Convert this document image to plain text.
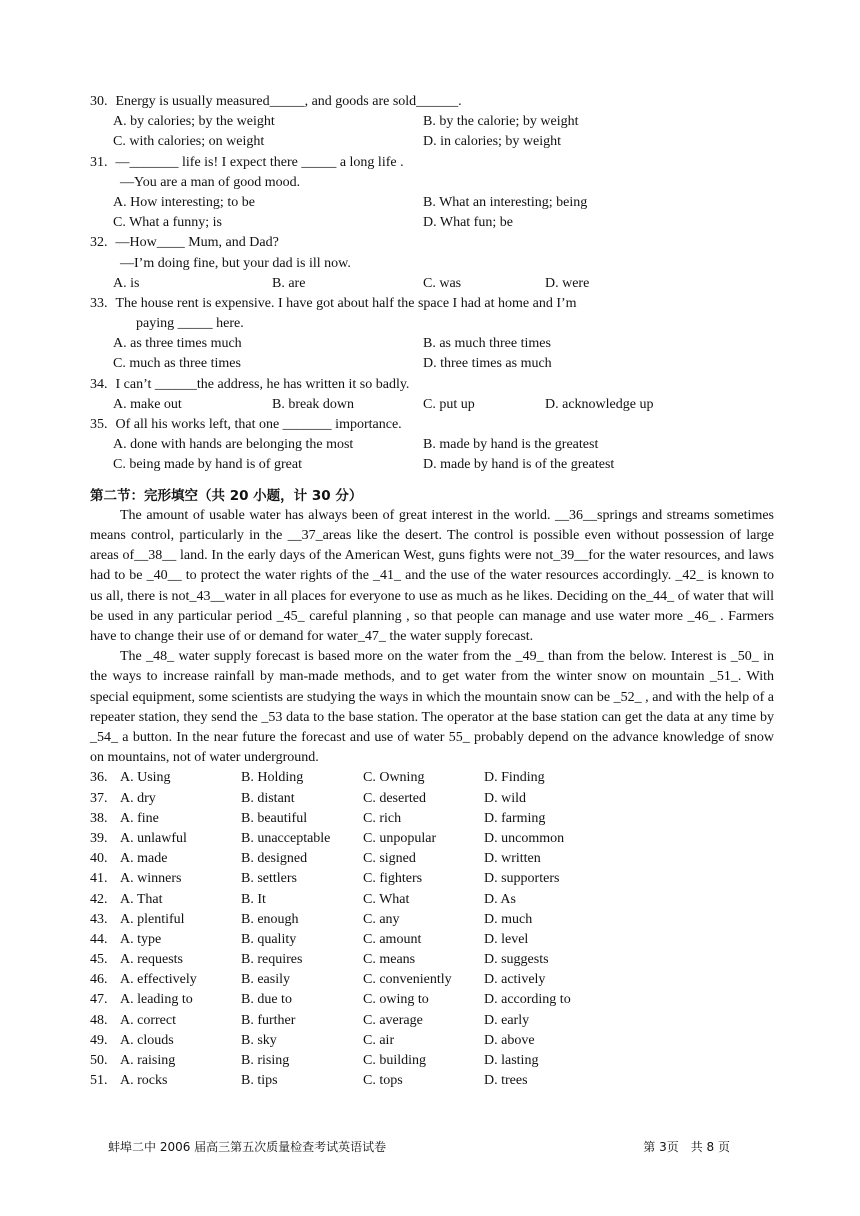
30. Energy is usually measured_____, and goods are sold______.
A. by calories; by the weight	B. by the calorie; by weight
C. with calories; on weight	D. in calories; by weight
31. —_______ life is! I expect there _____ a long life .
—You are a man of good mood.
A. How interesting; to be	B. What an interesting; being
C. What a funny; is	D. What fun; be
32. —How____ Mum, and Dad?
—I’m doing fine, but your dad is ill now.
A. is	B. are	C. was	D. were
33. The house rent is expensive. I have got about half the space I had at home and I’m
paying _____ here.
A. as three times much	B. as much three times
C. much as three times	D. three times as much
34. I can’t ______the address, he has written it so badly.
A. make out	B. break down	C. put up	D. acknowledge up
35. Of all his works left, that one _______ importance.
A. done with hands are belonging the most	B. made by hand is the greatest
C. being made by hand is of great	D. made by hand is of the greatest
第二节：完形填空（共 20 小题，计 30 分）

The amount of usable water has always been of great interest in the world. __36__springs and streams sometimes means control, particularly in the __37_areas like the desert. The control is possible even without possession of large areas of__38__ land. In the early days of the American West, guns fights were not_39__for the water resources, and laws had to be _40__ to protect the water rights of the _41_ and the use of the water resources accordingly. _42_ is known to us all, there is not_43__water in all places for everyone to use as much as he likes. Deciding on the_44_ of water that will be used in any particular period _45_ careful planning , so that people can manage and use water more _46_ . Farmers have to change their use of or demand for water_47_ the water supply forecast.

The _48_ water supply forecast is based more on the water from the _49_ than from the below. Interest is _50_ in the ways to increase rainfall by man-made methods, and to get water from the winter snow on mountain _51_. With special equipment, some scientists are studying the ways in which the mountain snow can be _52_ , and with the help of a repeater station, they send the _53 data to the base station. The operator at the base station can get the data at any time by _54_ a button. In the near future the forecast and use of water 55_ probably depend on the advance knowledge of snow on mountains, not of water underground.

36. A. Using	B. Holding	C. Owning	D. Finding
37. A. dry	B. distant	C. deserted	D. wild
38. A. fine	B. beautiful	C. rich	D. farming
39. A. unlawful	B. unacceptable C. unpopular	D. uncommon
40. A. made	B. designed	C. signed	D. written
41. A. winners	B. settlers	C. fighters	D. supporters
42. A. That	B. It	C. What	D. As
43. A. plentiful	B. enough	C. any	D. much
44. A. type	B. quality	C. amount	D. level
45. A. requests	B. requires	C. means	D. suggests
46. A. effectively	B. easily	C. conveniently D. actively
47. A. leading to	B. due to	C. owing to	D. according to
48. A. correct	B. further	C. average	D. early
49. A. clouds	B. sky	C. air	D. above
50. A. raising	B. rising	C. building	D. lasting
51. A. rocks	B. tips	C. tops	D. trees
蚌埠二中 2006 届高三第五次质量检查考试英语试卷	第 3页　共 8 页
